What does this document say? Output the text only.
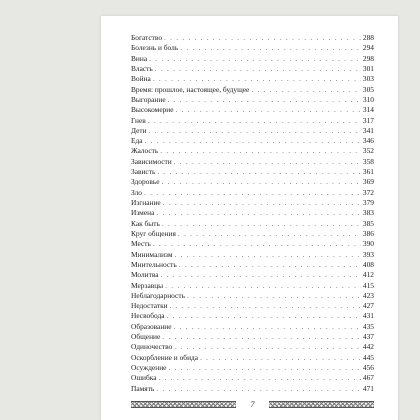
Богатство . . .	288
Болезнь и боль . . .	294
Вина . . .	298
Власть . . .	301
Война . . .	303
Время: прошлое, настоящее, будущее . . .	305
Выгорание . . .	310
Высокомерие . . .	314
Гнев . . .	317
Дети . . .	341
Еда . . .	346
Жалость . . .	352
Зависимости . . .	358
Зависть . . .	361
Здоровье . . .	369
Зло . . .	372
Изгнание . . .	379
Измена . . .	383
Как быть . . .	385
Круг общения . . .	386
Месть . . .	390
Минимализм . . .	393
Мнительность . . .	408
Молитва . . .	412
Мерзавцы . . .	415
Неблагодарность . . .	423
Недостатки . . .	427
Несвобода . . .	431
Образование . . .	435
Общение . . .	437
Одиночество . . .	442
Оскорбление и обида . . .	445
Осуждение . . .	456
Ошибка . . .	467
Память . . .	471
7
